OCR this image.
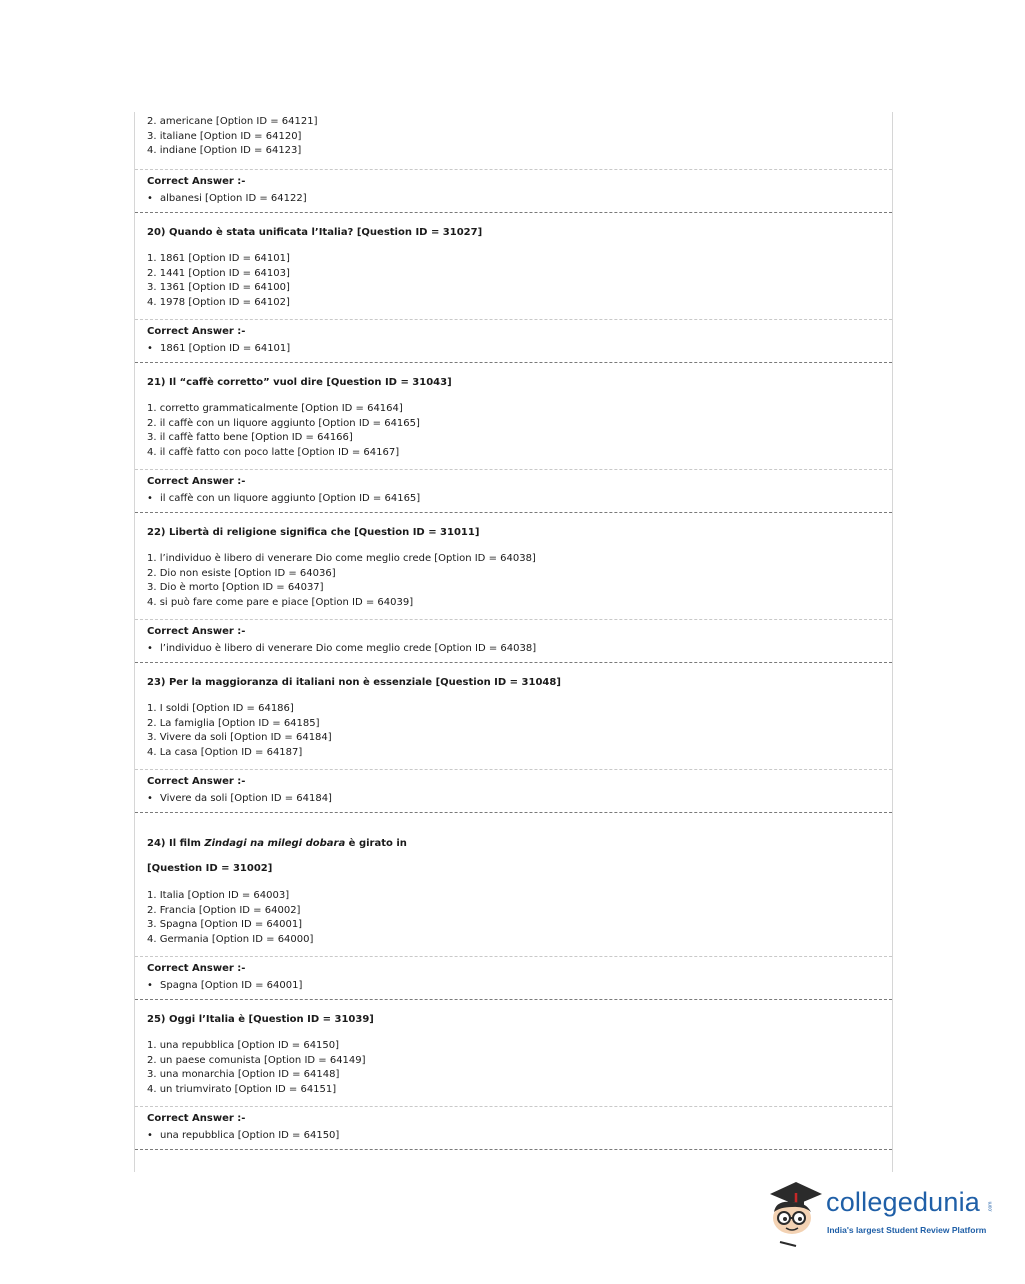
2. americane [Option ID = 64121]
3. italiane [Option ID = 64120]
4. indiane [Option ID = 64123]
Correct Answer :-
• albanesi [Option ID = 64122]
20) Quando è stata unificata l’Italia? [Question ID = 31027]
1. 1861 [Option ID = 64101]
2. 1441 [Option ID = 64103]
3. 1361 [Option ID = 64100]
4. 1978 [Option ID = 64102]
Correct Answer :-
• 1861 [Option ID = 64101]
21) Il “caffè corretto” vuol dire [Question ID = 31043]
1. corretto grammaticalmente [Option ID = 64164]
2. il caffè con un liquore aggiunto [Option ID = 64165]
3. il caffè fatto bene [Option ID = 64166]
4. il caffè fatto con poco latte [Option ID = 64167]
Correct Answer :-
• il caffè con un liquore aggiunto [Option ID = 64165]
22) Libertà di religione significa che [Question ID = 31011]
1. l’individuo è libero di venerare Dio come meglio crede [Option ID = 64038]
2. Dio non esiste [Option ID = 64036]
3. Dio è morto [Option ID = 64037]
4. si può fare come pare e piace [Option ID = 64039]
Correct Answer :-
• l’individuo è libero di venerare Dio come meglio crede [Option ID = 64038]
23) Per la maggioranza di italiani non è essenziale [Question ID = 31048]
1. I soldi [Option ID = 64186]
2. La famiglia [Option ID = 64185]
3. Vivere da soli [Option ID = 64184]
4. La casa [Option ID = 64187]
Correct Answer :-
• Vivere da soli [Option ID = 64184]
24) Il film Zindagi na milegi dobara è girato in
[Question ID = 31002]
1. Italia [Option ID = 64003]
2. Francia [Option ID = 64002]
3. Spagna [Option ID = 64001]
4. Germania [Option ID = 64000]
Correct Answer :-
• Spagna [Option ID = 64001]
25) Oggi l’Italia è [Question ID = 31039]
1. una repubblica [Option ID = 64150]
2. un paese comunista [Option ID = 64149]
3. una monarchia [Option ID = 64148]
4. un triumvirato [Option ID = 64151]
Correct Answer :-
• una repubblica [Option ID = 64150]
collegedunia .com
India's largest Student Review Platform
